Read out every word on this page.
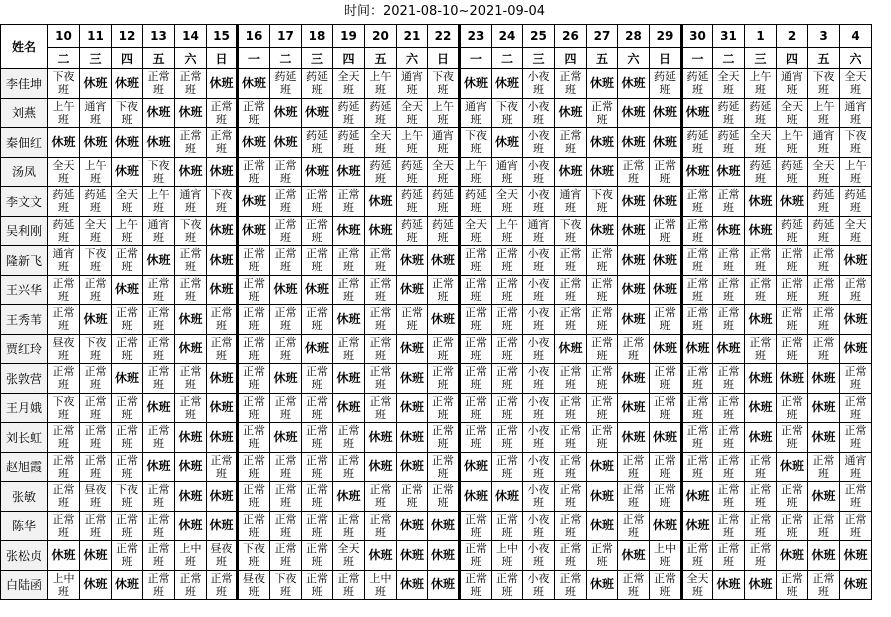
时间：2021-08-10~2021-09-04
姓名	10	11	12	13	14	15	16	17	18	19	20	21	22	23	24	25	26	27	28	29	30	31	1	2	3	4
	二	三	四	五	六	日	一	二	三	四	五	六	日	一	二	三	四	五	六	日	一	二	三	四	五	六
李佳坤	下夜班	休班	休班	正常班	正常班	休班	休班	药延班	药延班	全天班	上午班	通宵班	下夜班	休班	休班	小夜班	正常班	休班	休班	药延班	药延班	全天班	上午班	通宵班	下夜班	全天班
刘燕	上午班	通宵班	下夜班	休班	休班	正常班	正常班	休班	休班	药延班	药延班	全天班	上午班	通宵班	下夜班	小夜班	休班	正常班	休班	休班	休班	药延班	药延班	全天班	上午班	通宵班
秦佃红	休班	休班	休班	休班	正常班	正常班	休班	休班	药延班	药延班	全天班	上午班	通宵班	下夜班	休班	小夜班	正常班	休班	休班	休班	药延班	药延班	全天班	上午班	通宵班	下夜班
汤凤	全天班	上午班	休班	下夜班	休班	休班	正常班	正常班	休班	休班	药延班	药延班	全天班	上午班	通宵班	小夜班	休班	休班	正常班	正常班	休班	休班	药延班	药延班	全天班	上午班
李文文	药延班	药延班	全天班	上午班	通宵班	下夜班	休班	正常班	正常班	正常班	休班	药延班	药延班	药延班	全天班	小夜班	通宵班	下夜班	休班	休班	正常班	正常班	休班	休班	药延班	药延班
吴利刚	药延班	全天班	上午班	通宵班	下夜班	休班	休班	正常班	正常班	休班	休班	药延班	药延班	全天班	上午班	通宵班	下夜班	休班	休班	正常班	正常班	休班	休班	药延班	药延班	全天班
隆新飞	通宵班	下夜班	正常班	休班	正常班	休班	正常班	正常班	正常班	正常班	正常班	休班	休班	正常班	正常班	小夜班	正常班	正常班	休班	休班	正常班	正常班	正常班	正常班	正常班	休班
王兴华	正常班	正常班	休班	正常班	正常班	休班	正常班	休班	休班	正常班	正常班	休班	正常班	正常班	正常班	小夜班	正常班	正常班	休班	休班	正常班	正常班	正常班	正常班	正常班	正常班
王秀苇	正常班	休班	正常班	正常班	休班	正常班	正常班	正常班	正常班	休班	正常班	正常班	休班	正常班	正常班	小夜班	正常班	正常班	休班	正常班	正常班	正常班	休班	正常班	正常班	休班
贾红玲	昼夜班	下夜班	正常班	正常班	休班	正常班	正常班	正常班	休班	正常班	正常班	休班	正常班	正常班	正常班	小夜班	休班	正常班	正常班	休班	休班	休班	正常班	正常班	正常班	休班
张敦营	正常班	正常班	休班	正常班	正常班	休班	正常班	休班	正常班	休班	正常班	休班	正常班	正常班	正常班	小夜班	正常班	正常班	休班	正常班	正常班	正常班	休班	休班	休班	正常班
王月娥	下夜班	正常班	正常班	休班	正常班	休班	正常班	正常班	正常班	休班	正常班	休班	正常班	正常班	正常班	小夜班	正常班	正常班	休班	正常班	正常班	正常班	休班	正常班	休班	正常班
刘长虹	正常班	正常班	正常班	正常班	休班	休班	正常班	休班	正常班	正常班	休班	休班	正常班	正常班	正常班	小夜班	正常班	正常班	休班	休班	正常班	正常班	休班	正常班	休班	正常班
赵旭霞	正常班	正常班	正常班	休班	休班	正常班	正常班	正常班	正常班	正常班	休班	休班	正常班	休班	正常班	小夜班	正常班	休班	正常班	正常班	正常班	正常班	正常班	休班	正常班	通宵班
张敏	正常班	昼夜班	下夜班	正常班	休班	休班	正常班	正常班	正常班	休班	正常班	正常班	正常班	休班	休班	小夜班	正常班	休班	正常班	正常班	休班	正常班	正常班	正常班	休班	正常班
陈华	正常班	正常班	正常班	正常班	休班	休班	正常班	正常班	正常班	正常班	正常班	休班	休班	正常班	正常班	小夜班	正常班	休班	正常班	休班	休班	正常班	正常班	正常班	正常班	正常班
张松贞	休班	休班	正常班	正常班	上中班	昼夜班	下夜班	正常班	正常班	全天班	休班	休班	休班	正常班	上中班	小夜班	正常班	正常班	休班	上中班	正常班	正常班	正常班	休班	休班	休班
白陆函	上中班	休班	休班	正常班	正常班	正常班	昼夜班	下夜班	正常班	正常班	上中班	休班	休班	正常班	正常班	小夜班	正常班	休班	正常班	正常班	全天班	休班	休班	正常班	正常班	休班
